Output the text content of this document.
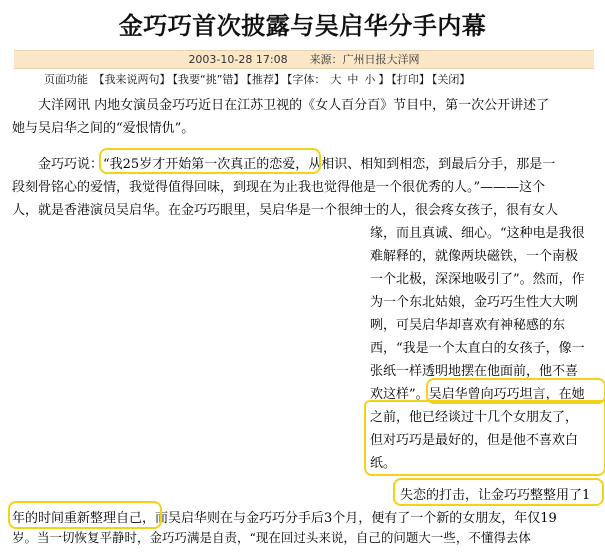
金巧巧首次披露与吴启华分手内幕
2003-10-28 17:08 来源：广州日报大洋网
页面功能 【我来说两句】 【我要“挑”错】 【推荐】 【字体： 大 中 小 】 【打印】 【关闭】
大洋网讯 内地女演员金巧巧近日在江苏卫视的《女人百分百》节目中，第一次公开讲述了
她与吴启华之间的“爱恨情仇”。
金巧巧说：“我25岁才开始第一次真正的恋爱，从相识、相知到相恋，到最后分手，那是一
段刻骨铭心的爱情，我觉得值得回味，到现在为止我也觉得他是一个很优秀的人。”———这个
人，就是香港演员吴启华。在金巧巧眼里，吴启华是一个很绅士的人，很会疼女孩子，很有女人
缘，而且真诚、细心。“这种电是我很
难解释的，就像两块磁铁，一个南极
一个北极，深深地吸引了”。然而，作
为一个东北姑娘，金巧巧生性大大咧
咧，可吴启华却喜欢有神秘感的东
西，“我是一个太直白的女孩子，像一
张纸一样透明地摆在他面前，他不喜
欢这样”。吴启华曾向巧巧坦言，在她
之前，他已经谈过十几个女朋友了，
但对巧巧是最好的，但是他不喜欢白
纸。
失恋的打击，让金巧巧整整用了1
年的时间重新整理自己，而吴启华则在与金巧巧分手后3个月，便有了一个新的女朋友，年仅19
岁。当一切恢复平静时，金巧巧满是自责，“现在回过头来说，自己的问题大一些，不懂得去体
